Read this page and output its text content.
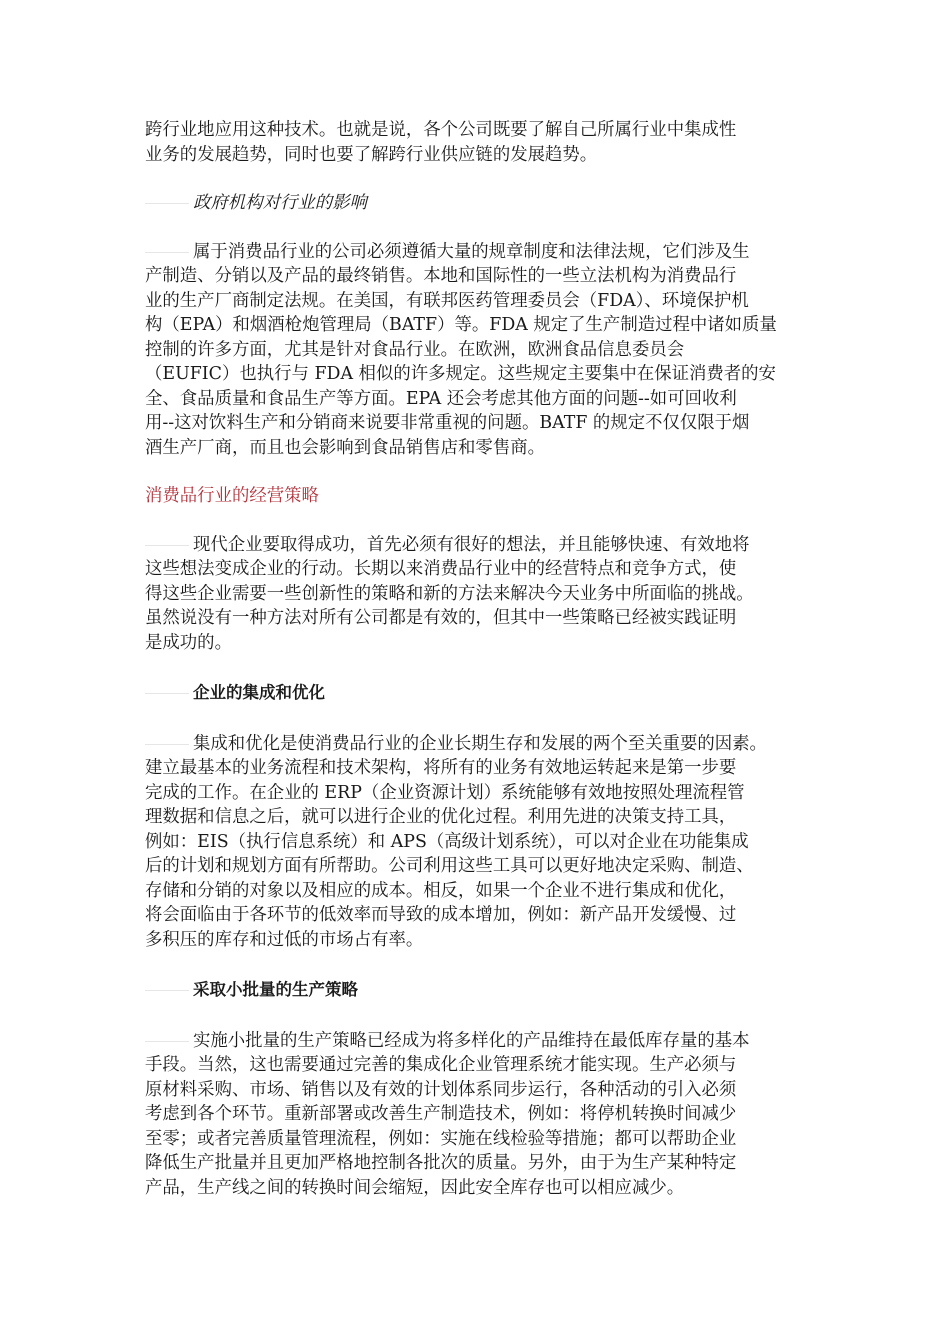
跨行业地应用这种技术。也就是说，各个公司既要了解自己所属行业中集成性
业务的发展趋势，同时也要了解跨行业供应链的发展趋势。

政府机构对行业的影响

属于消费品行业的公司必须遵循大量的规章制度和法律法规，它们涉及生
产制造、分销以及产品的最终销售。本地和国际性的一些立法机构为消费品行
业的生产厂商制定法规。在美国，有联邦医药管理委员会（FDA）、环境保护机
构（EPA）和烟酒枪炮管理局（BATF）等。FDA 规定了生产制造过程中诸如质量
控制的许多方面，尤其是针对食品行业。在欧洲，欧洲食品信息委员会
（EUFIC）也执行与 FDA 相似的许多规定。这些规定主要集中在保证消费者的安
全、食品质量和食品生产等方面。EPA 还会考虑其他方面的问题--如可回收利
用--这对饮料生产和分销商来说要非常重视的问题。BATF 的规定不仅仅限于烟
酒生产厂商，而且也会影响到食品销售店和零售商。

消费品行业的经营策略

现代企业要取得成功，首先必须有很好的想法，并且能够快速、有效地将
这些想法变成企业的行动。长期以来消费品行业中的经营特点和竞争方式，使
得这些企业需要一些创新性的策略和新的方法来解决今天业务中所面临的挑战。
虽然说没有一种方法对所有公司都是有效的，但其中一些策略已经被实践证明
是成功的。

企业的集成和优化

集成和优化是使消费品行业的企业长期生存和发展的两个至关重要的因素。
建立最基本的业务流程和技术架构，将所有的业务有效地运转起来是第一步要
完成的工作。在企业的 ERP（企业资源计划）系统能够有效地按照处理流程管
理数据和信息之后，就可以进行企业的优化过程。利用先进的决策支持工具，
例如：EIS（执行信息系统）和 APS（高级计划系统），可以对企业在功能集成
后的计划和规划方面有所帮助。公司利用这些工具可以更好地决定采购、制造、
存储和分销的对象以及相应的成本。相反，如果一个企业不进行集成和优化，
将会面临由于各环节的低效率而导致的成本增加，例如：新产品开发缓慢、过
多积压的库存和过低的市场占有率。

采取小批量的生产策略

实施小批量的生产策略已经成为将多样化的产品维持在最低库存量的基本
手段。当然，这也需要通过完善的集成化企业管理系统才能实现。生产必须与
原材料采购、市场、销售以及有效的计划体系同步运行，各种活动的引入必须
考虑到各个环节。重新部署或改善生产制造技术，例如：将停机转换时间减少
至零；或者完善质量管理流程，例如：实施在线检验等措施；都可以帮助企业
降低生产批量并且更加严格地控制各批次的质量。另外，由于为生产某种特定
产品，生产线之间的转换时间会缩短，因此安全库存也可以相应减少。
